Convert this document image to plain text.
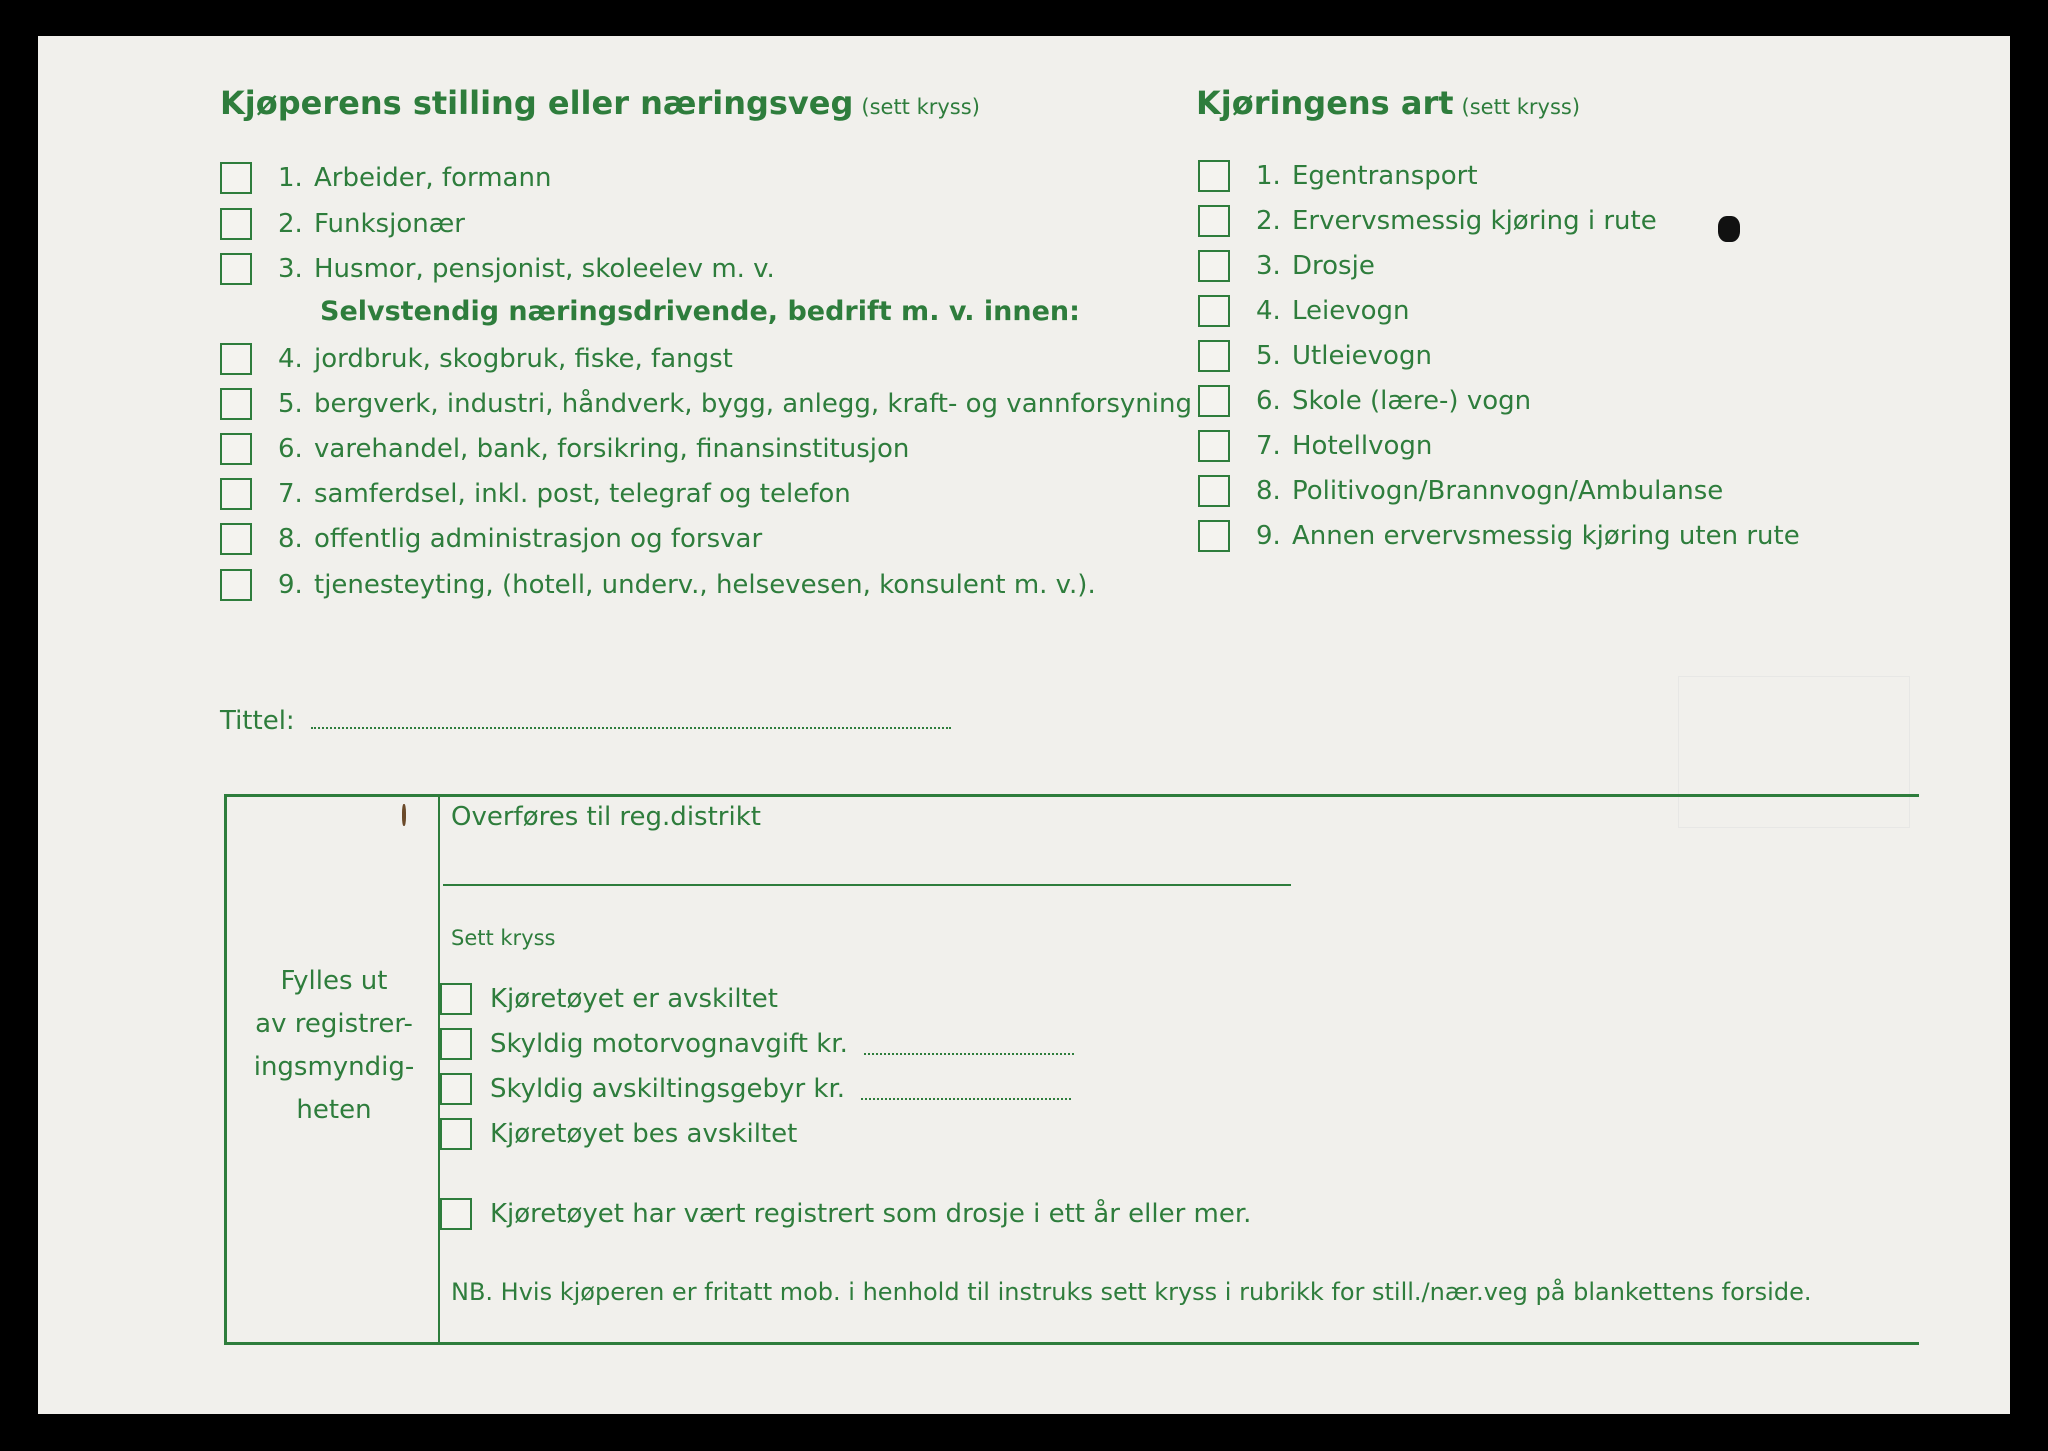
Kjøperens stilling eller næringsveg (sett kryss)	Kjøringens art (sett kryss)
1. Arbeider, formann
2. Funksjonær
3. Husmor, pensjonist, skoleelev m. v.
Selvstendig næringsdrivende, bedrift m. v. innen:
4. jordbruk, skogbruk, fiske, fangst
5. bergverk, industri, håndverk, bygg, anlegg, kraft- og vannforsyning
6. varehandel, bank, forsikring, finansinstitusjon
7. samferdsel, inkl. post, telegraf og telefon
8. offentlig administrasjon og forsvar
9. tjenesteyting, (hotell, underv., helsevesen, konsulent m. v.).
1. Egentransport
2. Ervervsmessig kjøring i rute
3. Drosje
4. Leievogn
5. Utleievogn
6. Skole (lære-) vogn
7. Hotellvogn
8. Politivogn/Brannvogn/Ambulanse
9. Annen ervervsmessig kjøring uten rute
Tittel:
Fylles ut
av registrer-
ingsmyndig-
heten
Overføres til reg.distrikt
Sett kryss
Kjøretøyet er avskiltet
Skyldig motorvognavgift kr.
Skyldig avskiltingsgebyr kr.
Kjøretøyet bes avskiltet
Kjøretøyet har vært registrert som drosje i ett år eller mer.
NB. Hvis kjøperen er fritatt mob. i henhold til instruks sett kryss i rubrikk for still./nær.veg på blankettens forside.
